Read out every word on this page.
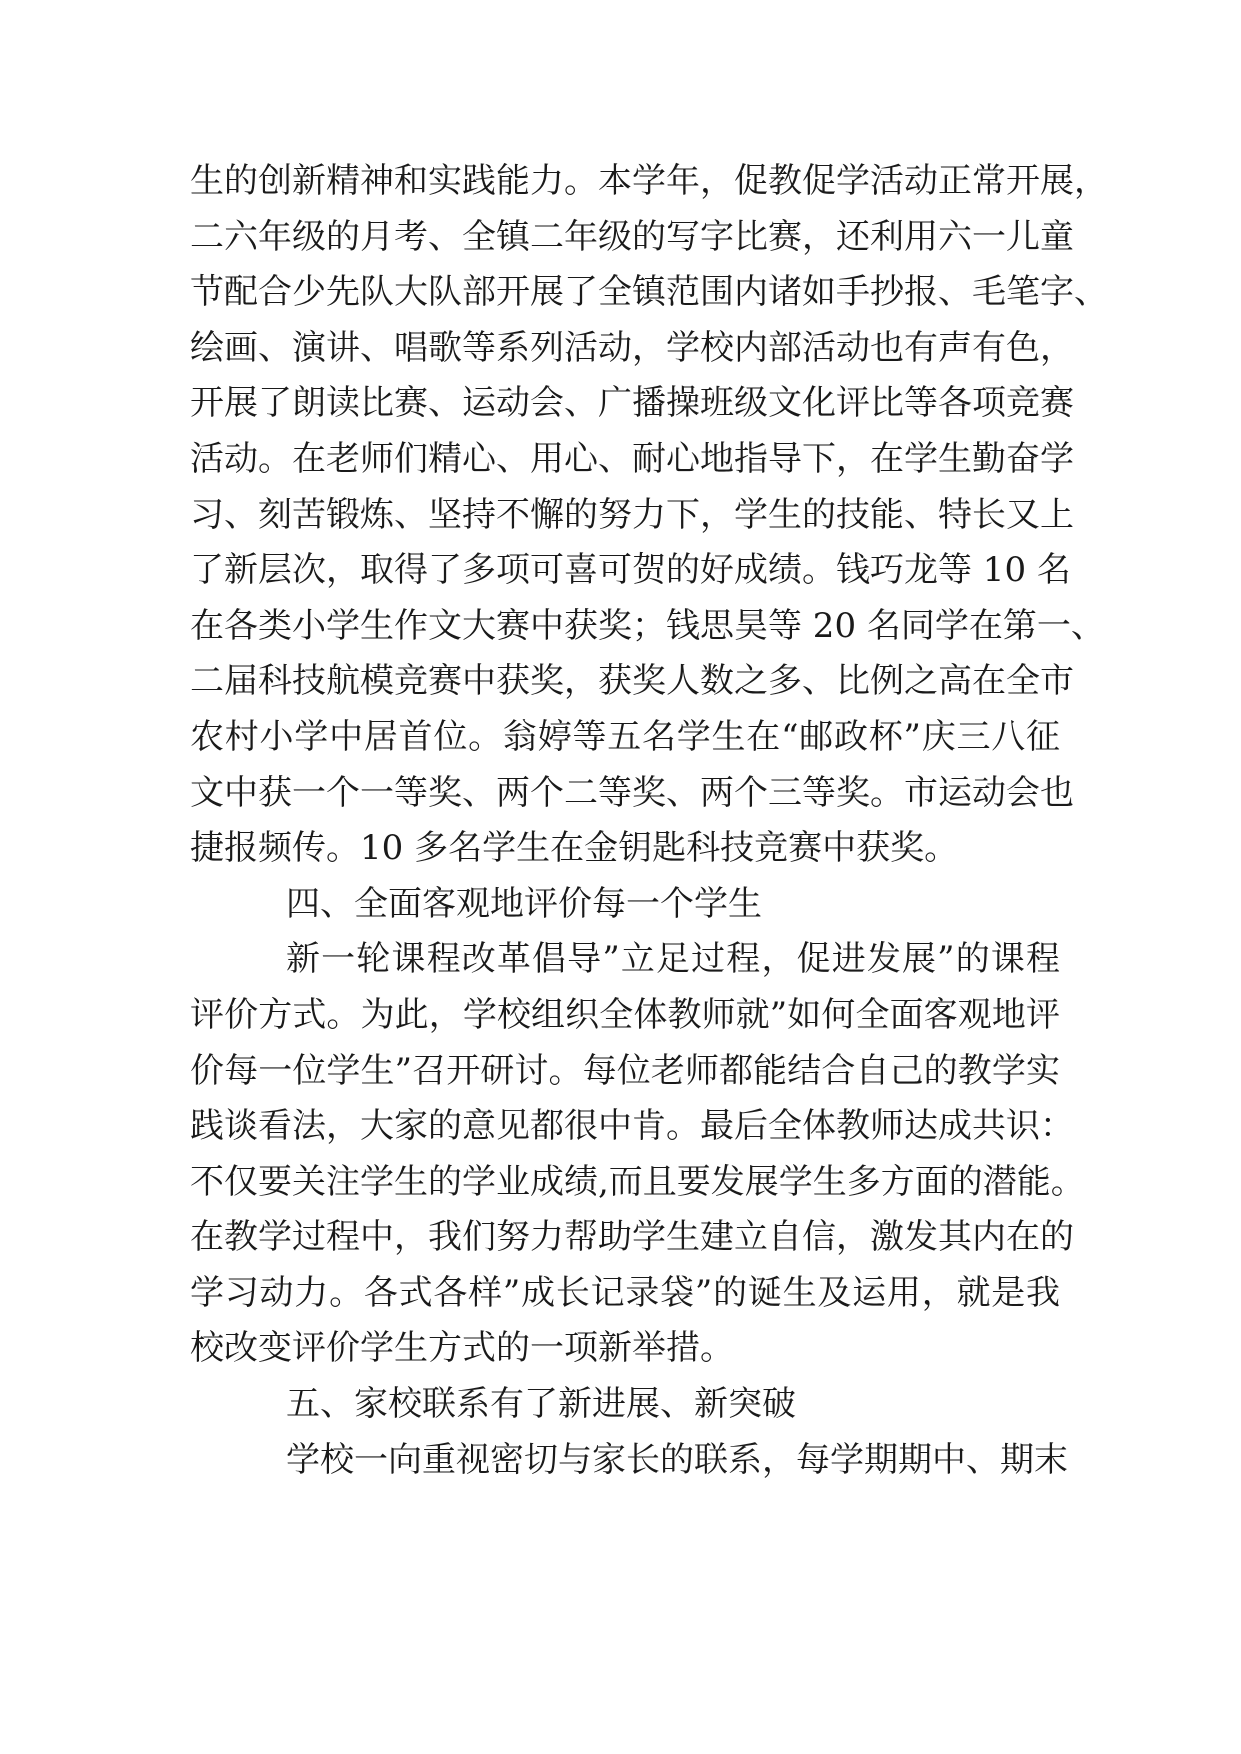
生的创新精神和实践能力。本学年，促教促学活动正常开展，
二六年级的月考、全镇二年级的写字比赛，还利用六一儿童
节配合少先队大队部开展了全镇范围内诸如手抄报、毛笔字、
绘画、演讲、唱歌等系列活动，学校内部活动也有声有色，
开展了朗读比赛、运动会、广播操班级文化评比等各项竞赛
活动。在老师们精心、用心、耐心地指导下，在学生勤奋学
习、刻苦锻炼、坚持不懈的努力下，学生的技能、特长又上
了新层次，取得了多项可喜可贺的好成绩。钱巧龙等 10 名
在各类小学生作文大赛中获奖；钱思昊等 20 名同学在第一、
二届科技航模竞赛中获奖，获奖人数之多、比例之高在全市
农村小学中居首位。翁婷等五名学生在“邮政杯”庆三八征
文中获一个一等奖、两个二等奖、两个三等奖。市运动会也
捷报频传。10 多名学生在金钥匙科技竞赛中获奖。
四、全面客观地评价每一个学生
新一轮课程改革倡导”立足过程，促进发展”的课程
评价方式。为此，学校组织全体教师就”如何全面客观地评
价每一位学生”召开研讨。每位老师都能结合自己的教学实
践谈看法，大家的意见都很中肯。最后全体教师达成共识：
不仅要关注学生的学业成绩,而且要发展学生多方面的潜能。
在教学过程中，我们努力帮助学生建立自信，激发其内在的
学习动力。各式各样”成长记录袋”的诞生及运用，就是我
校改变评价学生方式的一项新举措。
五、家校联系有了新进展、新突破
学校一向重视密切与家长的联系，每学期期中、期末
